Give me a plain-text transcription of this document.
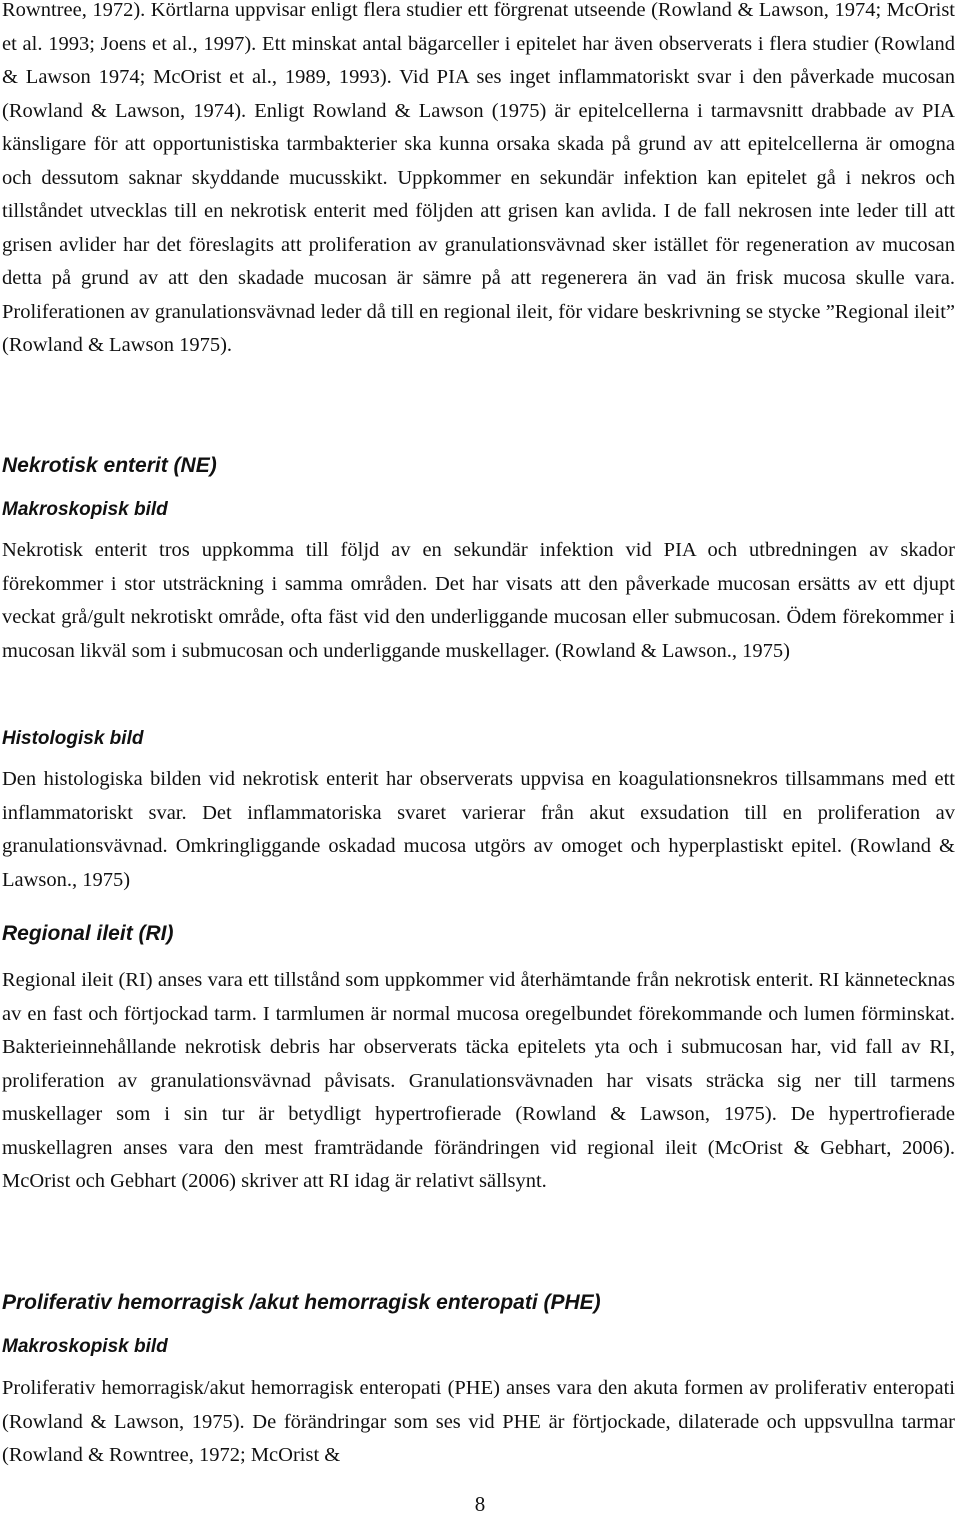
Rowntree, 1972). Körtlarna uppvisar enligt flera studier ett förgrenat utseende (Rowland & Lawson, 1974; McOrist et al. 1993; Joens et al., 1997). Ett minskat antal bägarceller i epitelet har även observerats i flera studier (Rowland & Lawson 1974; McOrist et al., 1989, 1993). Vid PIA ses inget inflammatoriskt svar i den påverkade mucosan (Rowland & Lawson, 1974). Enligt Rowland & Lawson (1975) är epitelcellerna i tarmavsnitt drabbade av PIA känsligare för att opportunistiska tarmbakterier ska kunna orsaka skada på grund av att epitelcellerna är omogna och dessutom saknar skyddande mucusskikt. Uppkommer en sekundär infektion kan epitelet gå i nekros och tillståndet utvecklas till en nekrotisk enterit med följden att grisen kan avlida. I de fall nekrosen inte leder till att grisen avlider har det föreslagits att proliferation av granulationsvävnad sker istället för regeneration av mucosan detta på grund av att den skadade mucosan är sämre på att regenerera än vad än frisk mucosa skulle vara. Proliferationen av granulationsvävnad leder då till en regional ileit, för vidare beskrivning se stycke ”Regional ileit” (Rowland & Lawson 1975).

Nekrotisk enterit (NE)
Makroskopisk bild

Nekrotisk enterit tros uppkomma till följd av en sekundär infektion vid PIA och utbredningen av skador förekommer i stor utsträckning i samma områden. Det har visats att den påverkade mucosan ersätts av ett djupt veckat grå/gult nekrotiskt område, ofta fäst vid den underliggande mucosan eller submucosan. Ödem förekommer i mucosan likväl som i submucosan och underliggande muskellager. (Rowland & Lawson., 1975)

Histologisk bild

Den histologiska bilden vid nekrotisk enterit har observerats uppvisa en koagulationsnekros tillsammans med ett inflammatoriskt svar. Det inflammatoriska svaret varierar från akut exsudation till en proliferation av granulationsvävnad. Omkringliggande oskadad mucosa utgörs av omoget och hyperplastiskt epitel. (Rowland & Lawson., 1975)

Regional ileit (RI)

Regional ileit (RI) anses vara ett tillstånd som uppkommer vid återhämtande från nekrotisk enterit. RI kännetecknas av en fast och förtjockad tarm. I tarmlumen är normal mucosa oregelbundet förekommande och lumen förminskat. Bakterieinnehållande nekrotisk debris har observerats täcka epitelets yta och i submucosan har, vid fall av RI, proliferation av granulationsvävnad påvisats. Granulationsvävnaden har visats sträcka sig ner till tarmens muskellager som i sin tur är betydligt hypertrofierade (Rowland & Lawson, 1975). De hypertrofierade muskellagren anses vara den mest framträdande förändringen vid regional ileit (McOrist & Gebhart, 2006). McOrist och Gebhart (2006) skriver att RI idag är relativt sällsynt.

Proliferativ hemorragisk /akut hemorragisk enteropati (PHE)
Makroskopisk bild

Proliferativ hemorragisk/akut hemorragisk enteropati (PHE) anses vara den akuta formen av proliferativ enteropati (Rowland & Lawson, 1975). De förändringar som ses vid PHE är förtjockade, dilaterade och uppsvullna tarmar (Rowland & Rowntree, 1972; McOrist &

8
